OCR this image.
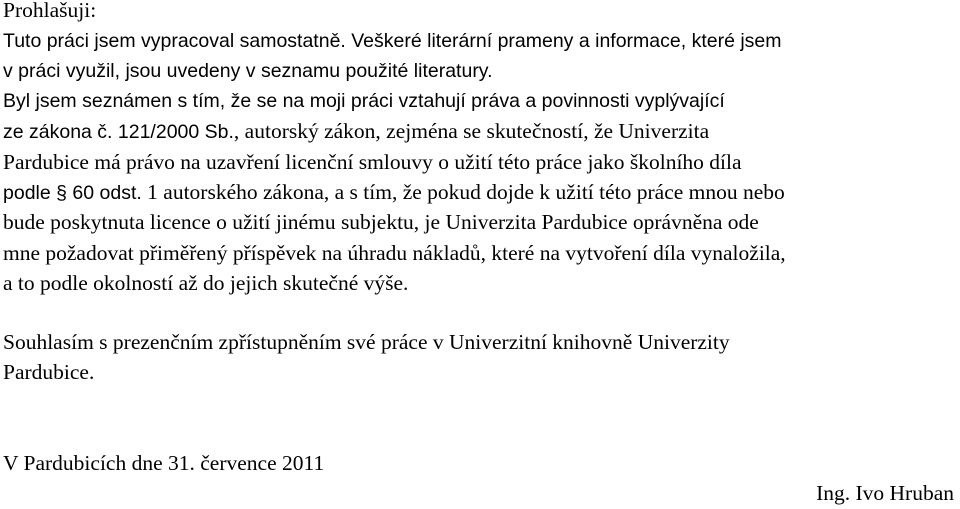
Prohlašuji:
Tuto práci jsem vypracoval samostatně. Veškeré literární prameny a informace, které jsem
v práci využil, jsou uvedeny v seznamu použité literatury.
Byl jsem seznámen s tím, že se na moji práci vztahují práva a povinnosti vyplývající
ze zákona č. 121/2000 Sb., autorský zákon, zejména se skutečností, že Univerzita
Pardubice má právo na uzavření licenční smlouvy o užití této práce jako školního díla
podle § 60 odst. 1 autorského zákona, a s tím, že pokud dojde k užití této práce mnou nebo
bude poskytnuta licence o užití jinému subjektu, je Univerzita Pardubice oprávněna ode
mne požadovat přiměřený příspěvek na úhradu nákladů, které na vytvoření díla vynaložila,
a to podle okolností až do jejich skutečné výše.
Souhlasím s prezenčním zpřístupněním své práce v Univerzitní knihovně Univerzity
Pardubice.
V Pardubicích dne 31. července 2011
Ing. Ivo Hruban
